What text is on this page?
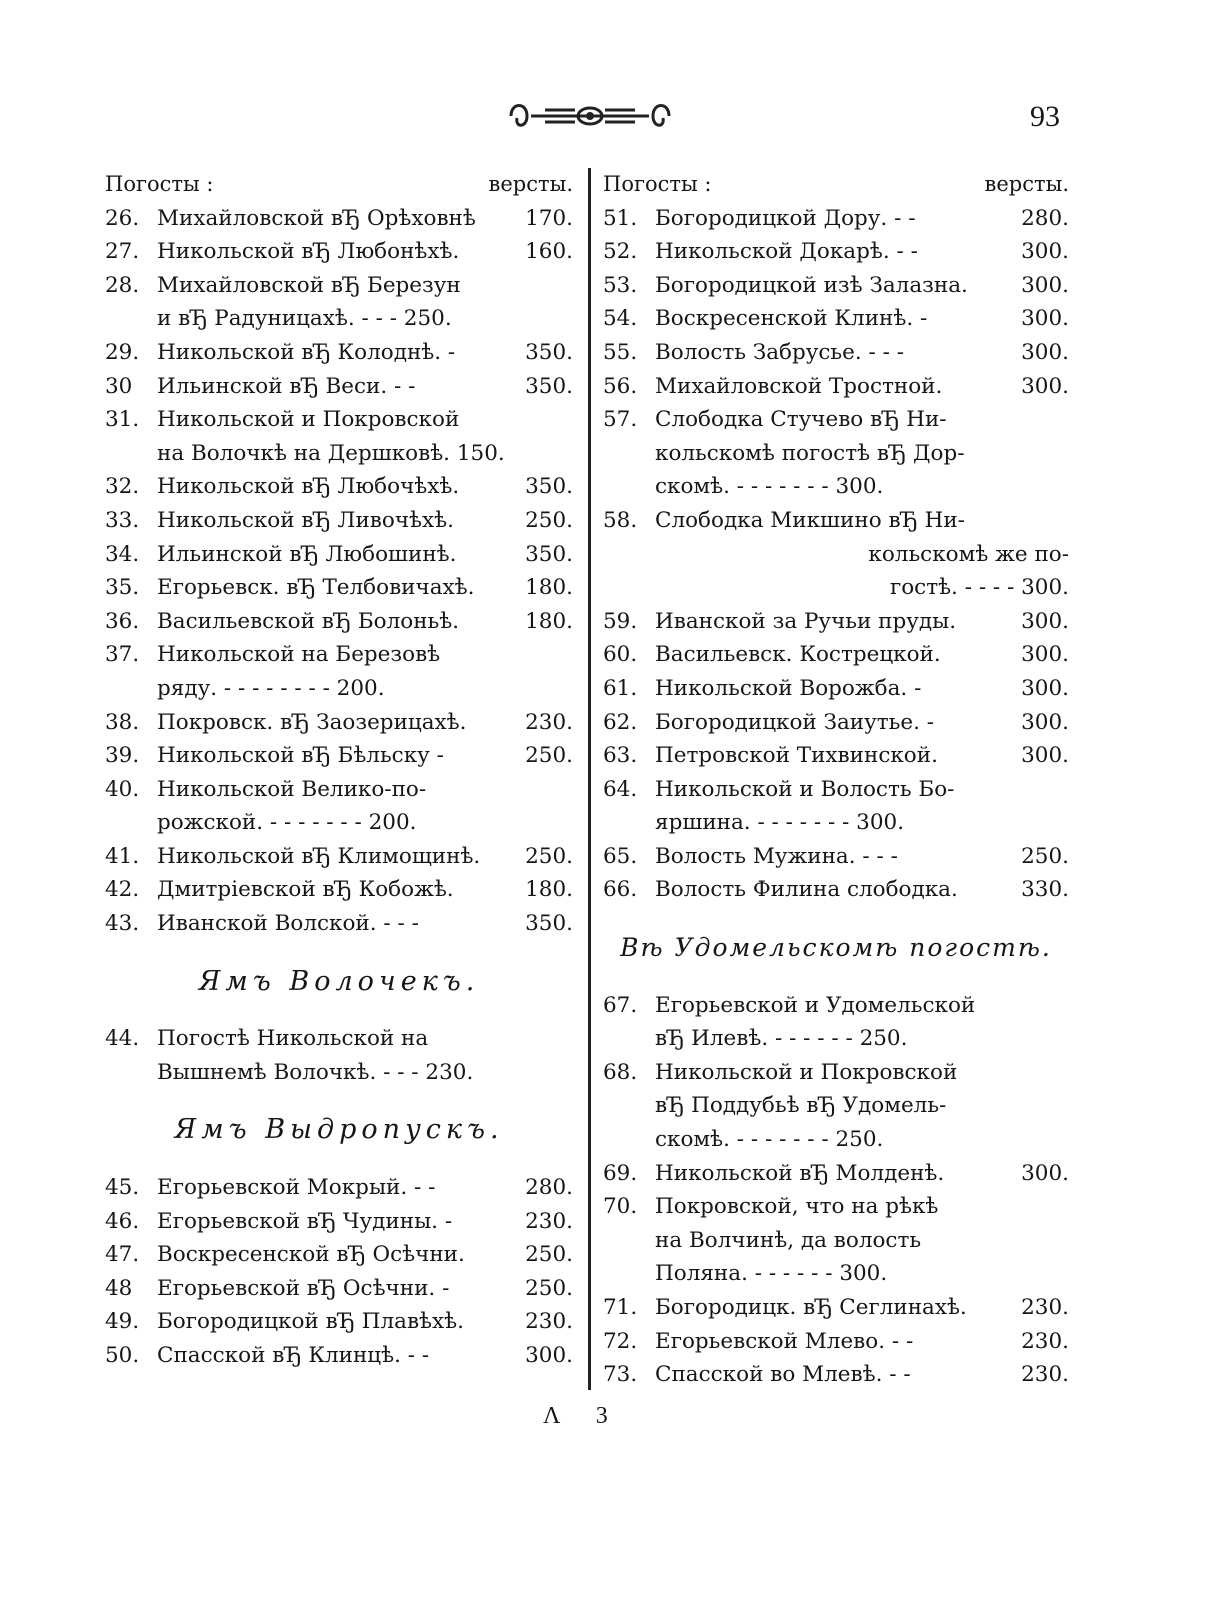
93
Погосты :	версты.
26. Михайловской вЂ Орѣховнѣ	170.
27. Никольской вЂ Любонѣхѣ.	160.
28. Михайловской вЂ Березун
и вЂ Радуницахѣ. - - - 250.
29. Никольской вЂ Колоднѣ. -	350.
30	Ильинской вЂ Веси. - -	350.
31. Никольской и Покровской
на Волочкѣ на Дершковѣ. 150.
32. Никольской вЂ Любочѣхѣ.	350.
33. Никольской вЂ Ливочѣхѣ.	250.
34. Ильинской вЂ Любошинѣ.	350.
35. Егорьевск. вЂ Телбовичахѣ.	180.
36. Васильевской вЂ Болоньѣ.	180.
37. Никольской на Березовѣ
ряду. - - - - - - - - 200.
38. Покровск. вЂ Заозерицахѣ.	230.
39. Никольской вЂ Бѣльску -	250.
40. Никольской Велико-по-
рожской. - - - - - - - 200.
41. Никольской вЂ Климощинѣ.	250.
42. Дмитріевской вЂ Кобожѣ.	180.
43. Иванской Волской. - - -	350.
Ямъ Волочекъ.
44. Погостѣ Никольской на
Вышнемѣ Волочкѣ. - - - 230.
Ямъ Выдропускъ.
45. Егорьевской Мокрый. - -	280.
46. Егорьевской вЂ Чудины. -	230.
47. Воскресенской вЂ Осѣчни.	250.
48	Егорьевской вЂ Осѣчни. -	250.
49. Богородицкой вЂ Плавѣхѣ.	230.
50. Спасской вЂ Клинцѣ. - -	300.
Погосты :	версты.
51. Богородицкой Дору. - -	280.
52. Никольской Докарѣ. - -	300.
53. Богородицкой изѣ Залазна.	300.
54. Воскресенской Клинѣ. -	300.
55. Волость Забрусье. - - -	300.
56. Михайловской Тростной.	300.
57. Слободка Стучево вЂ Ни-
кольскомѣ погостѣ вЂ Дор-
скомѣ. - - - - - - - 300.
58. Слободка Микшино вЂ Ни-
кольскомѣ же по-
гостѣ. - - - - 300.
59. Иванской за Ручьи пруды.	300.
60. Васильевск. Кострецкой.	300.
61. Никольской Ворожба. -	300.
62. Богородицкой Заиутье. -	300.
63. Петровской Тихвинской.	300.
64. Никольской и Волость Бо-
яршина. - - - - - - - 300.
65. Волость Мужина. - - -	250.
66. Волость Филина слободка.	330.
Вѣ Удомельскомѣ погостѣ.
67. Егорьевской и Удомельской
вЂ Илевѣ. - - - - - - 250.
68. Никольской и Покровской
вЂ Поддубьѣ вЂ Удомель-
скомѣ. - - - - - - - 250.
69. Никольской вЂ Молденѣ.	300.
70. Покровской, что на рѣкѣ
на Волчинѣ, да волость
Поляна. - - - - - - 300.
71. Богородицк. вЂ Сеглинахѣ.	230.
72. Егорьевской Млево. - -	230.
73. Спасской во Млевѣ. - -	230.
Λ 3
